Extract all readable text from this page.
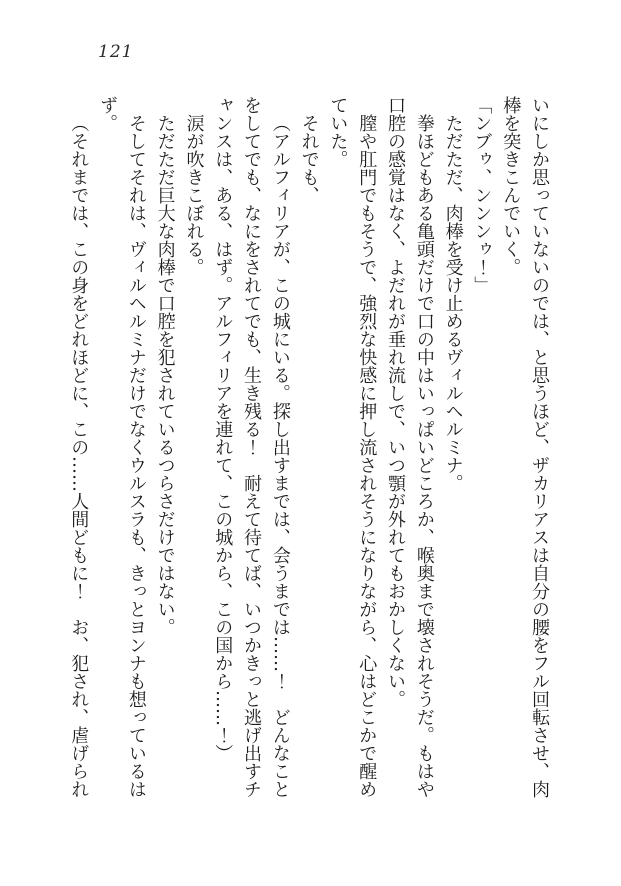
121

いにしか思っていないのでは、と思うほど、ザカリアスは自分の腰をフル回転させ、肉棒を突きこんでいく。

「ンブゥ、ンンンゥ！」

ただただ、肉棒を受け止めるヴィルヘルミナ。

拳ほどもある亀頭だけで口の中はいっぱいどころか、喉奥まで壊されそうだ。もはや口腔の感覚はなく、よだれが垂れ流しで、いつ顎が外れてもおかしくない。

膣や肛門でもそうで、強烈な快感に押し流されそうになりながら、心はどこかで醒めていた。

それでも、

（アルフィリアが、この城にいる。探し出すまでは、会うまでは……！　どんなことをしてでも、なにをされてでも、生き残る！　耐えて待てば、いつかきっと逃げ出すチャンスは、ある、はず。アルフィリアを連れて、この城から、この国から……！）

涙が吹きこぼれる。

ただただ巨大な肉棒で口腔を犯されているつらさだけではない。

そしてそれは、ヴィルヘルミナだけでなくウルスラも、きっとヨンナも想っているはず。

（それまでは、この身をどれほどに、この……人間どもに！　お、犯され、虐げられ
